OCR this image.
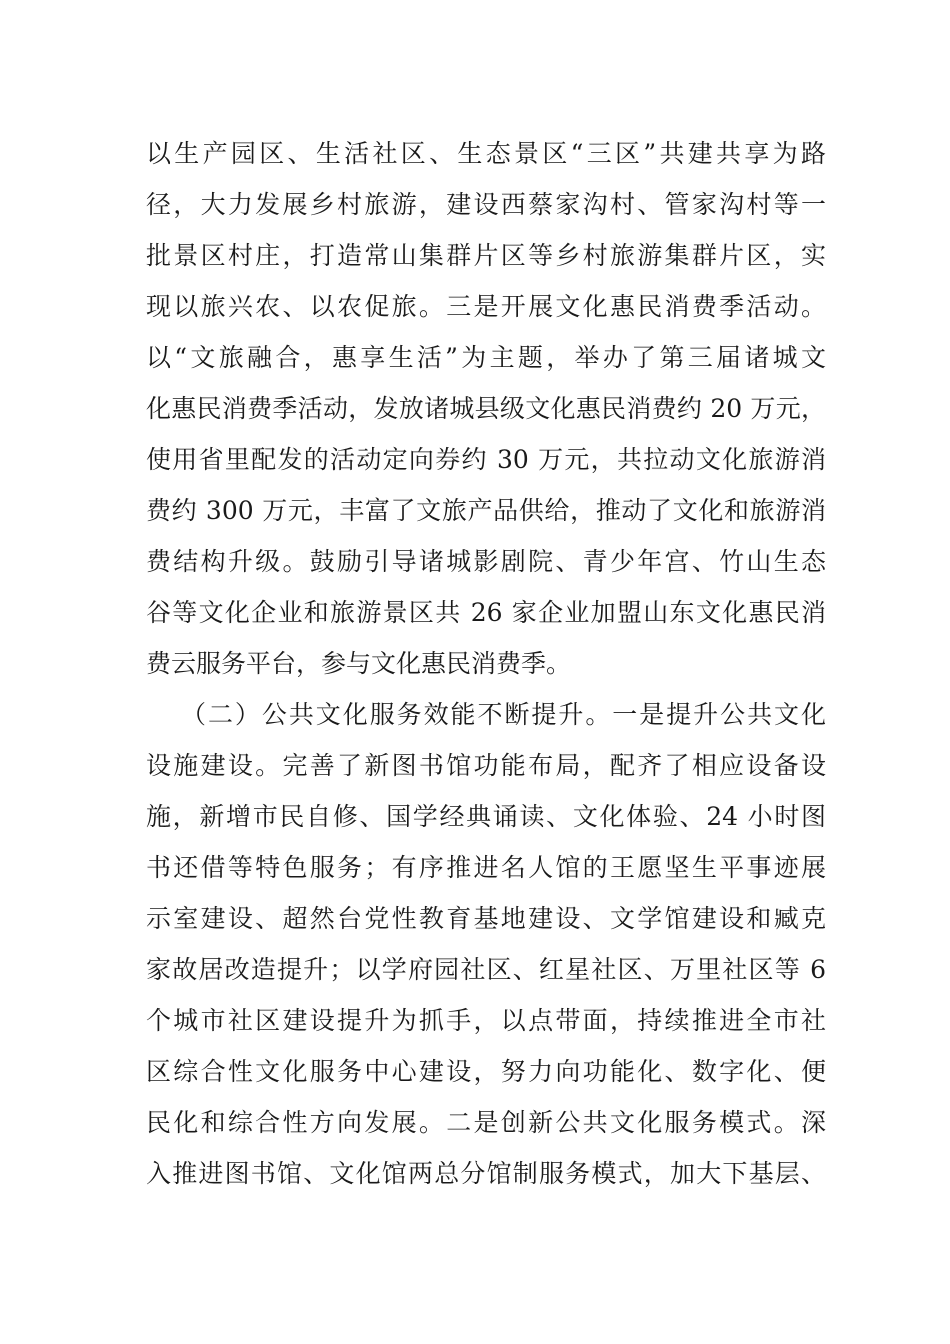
以生产园区、生活社区、生态景区“三区”共建共享为路
径，大力发展乡村旅游，建设西蔡家沟村、管家沟村等一
批景区村庄，打造常山集群片区等乡村旅游集群片区，实
现以旅兴农、以农促旅。三是开展文化惠民消费季活动。
以“文旅融合，惠享生活”为主题，举办了第三届诸城文
化惠民消费季活动，发放诸城县级文化惠民消费约 20 万元，
使用省里配发的活动定向券约 30 万元，共拉动文化旅游消
费约 300 万元，丰富了文旅产品供给，推动了文化和旅游消
费结构升级。鼓励引导诸城影剧院、青少年宫、竹山生态
谷等文化企业和旅游景区共 26 家企业加盟山东文化惠民消
费云服务平台，参与文化惠民消费季。
（二）公共文化服务效能不断提升。一是提升公共文化
设施建设。完善了新图书馆功能布局，配齐了相应设备设
施，新增市民自修、国学经典诵读、文化体验、24 小时图
书还借等特色服务；有序推进名人馆的王愿坚生平事迹展
示室建设、超然台党性教育基地建设、文学馆建设和臧克
家故居改造提升；以学府园社区、红星社区、万里社区等 6
个城市社区建设提升为抓手，以点带面，持续推进全市社
区综合性文化服务中心建设，努力向功能化、数字化、便
民化和综合性方向发展。二是创新公共文化服务模式。深
入推进图书馆、文化馆两总分馆制服务模式，加大下基层、
